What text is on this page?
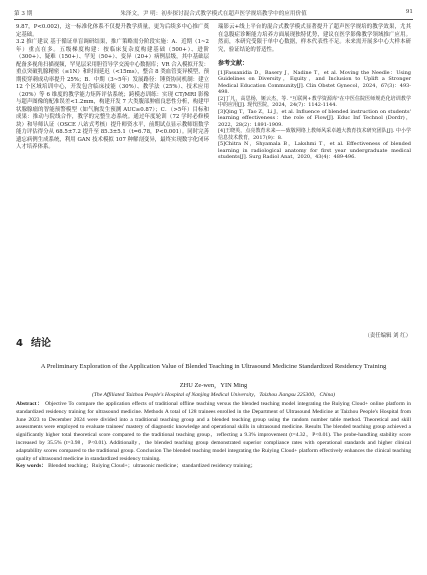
第 3 期	朱泽文，尹 明：初步探讨混合式教学模式在超声医学规培教学中的应用价值	91

9.87，P<0.002)，这一标准化体系不仅提升教学质量，更为后续多中心推广奠定基础。

3.2 推广建议 基于循证单盲调研结果，推广策略需分阶段实施：A．近期（1~2年）重点在多。五级梯度构建：按临床复杂度构建基础（500+）、进阶（300+）、疑难（150+）、罕见（50+）、变异（20+）病例层级，其中基础层配备多视角扫描视频，罕见层采用胆管导学交流中心数据库；VR 合入模拟开发：重点突破乳腺精密（≤1N）和时间延迟（<15ms），整合 8 类血管变异模型，预期使穿刺成功率提升 25%；B．中期（3~5年）发展路径：锤资协同机制：建立 12 个区域培训中心，开发包含临床技能（30%）、教学法（25%）、技术应用（20%）等 6 维度的教学能力矩阵评估系统；跨模态训练：实现 CT/MRI 影像与超声图像的配准误差<1.2mm，构建开发 7 大类腹部肿瘤良恶性分析，构建甲状腺腺瘤的智能预警模型（如气胸发生预测 AUC≥0.87）；C．（>5年）目标和成果：推动与院线合作，教学的完整生态系统。通过年度轮训（72 学时必修模块）和导师认证（OSCE 八站式考核）提升师资水平，前期试点显示教师组数学能力评估得分从 68.5±7.2 提升至 85.3±5.1（t=6.78，P<0.001）。同时完善遗忘病例生成系统，利用 GAN 技术模拟 107 种解剖变异，最终实现数字化闭环人才培养体系。

瑞影云+线上平台的混合式教学模式显著提升了超声医学规培的教学效果，尤其在急腹症诊断能力培养方面展现独特优势，建议在医学影像教学领域推广应用。然而，本研究受限于单中心数据，样本代表性不足。未来需开展多中心大样本研究，验证结论的普适性。

参考文献：

[1]Fassanidia D，Basery J，Nadine T，et al. Moving the Needle：Using Guidelines on Diversity，Equity，and Inclusion to Uplift a Stronger Medical Education Community[J]. Clin Obstet Gynecol，2024，67(3)：493-498.

[2]丁凡，高思杨，姬云杰，等. "互联网+教学资源库"在中医住院医师规范化培训教学中的应用[J]. 现代医院，2024，24(7)：1142-1144.

[3]Qing T，Tao Z，Li J，et al. Influence of blended instruction on students' learning effectiveness：the role of Flow[J]. Educ Inf Technol (Dordr)，2022，28(2)：1891-1909.

[4]王晓英，点亮教育未来——致敬网络上教师风采卓越大教育技术研究团队[J]. 中小学信息技术教育，2017(9)：8.

[5]Chitra N，Shyamala B，Lakshmi T，et al. Effectiveness of blended learning in radiological anatomy for first year undergraduate medical students[J]. Surg Radiol Anat，2020，43(4)：489-496.

4 结论
（责任编辑 刘 红）
A Preliminary Exploration of the Application Value of Blended Teaching in Ultrasound Medicine Standardized Residency Training
ZHU Ze-wen，YIN Ming
(The Affiliated Taizhou People's Hospital of Nanjing Medical University，Taizhou Jiangsu 225300，China)
Abstract： Objective To compare the application effects of traditional offline teaching versus the blended teaching model integrating the Ruiying Cloud+ online platform in standardized residency training for ultrasound medicine. Methods A total of 128 trainees enrolled in the Department of Ultrasound Medicine at Taizhou People's Hospital from June 2023 to December 2024 were divided into a traditional teaching group and a blended teaching group using the random number table method. Theoretical and skill assessments were employed to evaluate trainees' mastery of diagnostic knowledge and operational skills in ultrasound medicine. Results The blended teaching group achieved a significantly higher total theoretical score compared to the traditional teaching group，reflecting a 9.3% improvement (t=4.32，P<0.01). The probe-handling stability score increased by 35.5% (t=3.98，P<0.01). Additionally，the blended teaching group demonstrated superior compliance rates with operational standards and higher clinical adaptability scores compared to the traditional group. Conclusion The blended teaching model integrating the Ruiying Cloud+ platform effectively enhances the clinical teaching quality of ultrasound medicine in standardized residency training.
Key words： Blended teaching；Ruiying Cloud+；ultrasonic medicine；standardized residency training；
